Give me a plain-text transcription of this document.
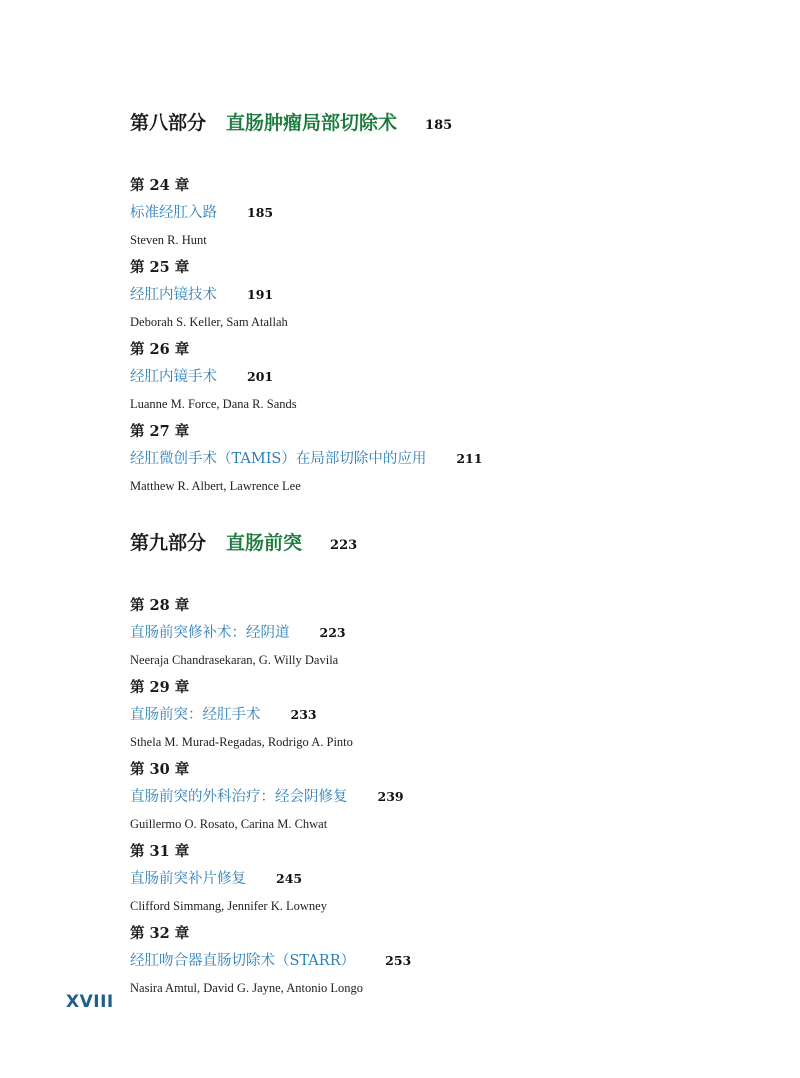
第八部分 直肠肿瘤局部切除术 185
第 24 章
标准经肛入路 185
Steven R. Hunt
第 25 章
经肛内镜技术 191
Deborah S. Keller, Sam Atallah
第 26 章
经肛内镜手术 201
Luanne M. Force, Dana R. Sands
第 27 章
经肛微创手术（TAMIS）在局部切除中的应用 211
Matthew R. Albert, Lawrence Lee
第九部分 直肠前突 223
第 28 章
直肠前突修补术：经阴道 223
Neeraja Chandrasekaran, G. Willy Davila
第 29 章
直肠前突：经肛手术 233
Sthela M. Murad-Regadas, Rodrigo A. Pinto
第 30 章
直肠前突的外科治疗：经会阴修复 239
Guillermo O. Rosato, Carina M. Chwat
第 31 章
直肠前突补片修复 245
Clifford Simmang, Jennifer K. Lowney
第 32 章
经肛吻合器直肠切除术（STARR） 253
Nasira Amtul, David G. Jayne, Antonio Longo
XVIII
